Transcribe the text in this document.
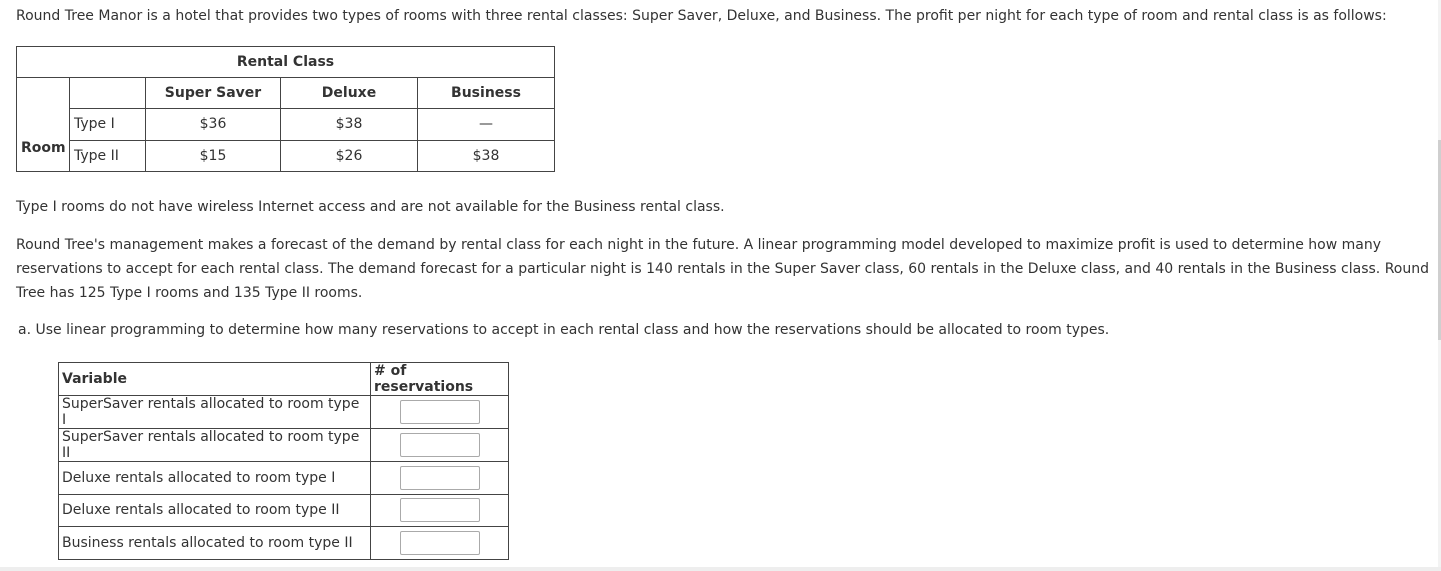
Round Tree Manor is a hotel that provides two types of rooms with three rental classes: Super Saver, Deluxe, and Business. The profit per night for each type of room and rental class is as follows:

Rental Class				

Room		Super Saver	Deluxe	Business
	Type I	$36	$38	—
	Type II	$15	$26	$38

Type I rooms do not have wireless Internet access and are not available for the Business rental class.

Round Tree's management makes a forecast of the demand by rental class for each night in the future. A linear programming model developed to maximize profit is used to determine how many reservations to accept for each rental class. The demand forecast for a particular night is 140 rentals in the Super Saver class, 60 rentals in the Deluxe class, and 40 rentals in the Business class. Round Tree has 125 Type I rooms and 135 Type II rooms.

a. Use linear programming to determine how many reservations to accept in each rental class and how the reservations should be allocated to room types.

Variable	# of reservations
SuperSaver rentals allocated to room type I	
SuperSaver rentals allocated to room type II	
Deluxe rentals allocated to room type I	
Deluxe rentals allocated to room type II	
Business rentals allocated to room type II	
